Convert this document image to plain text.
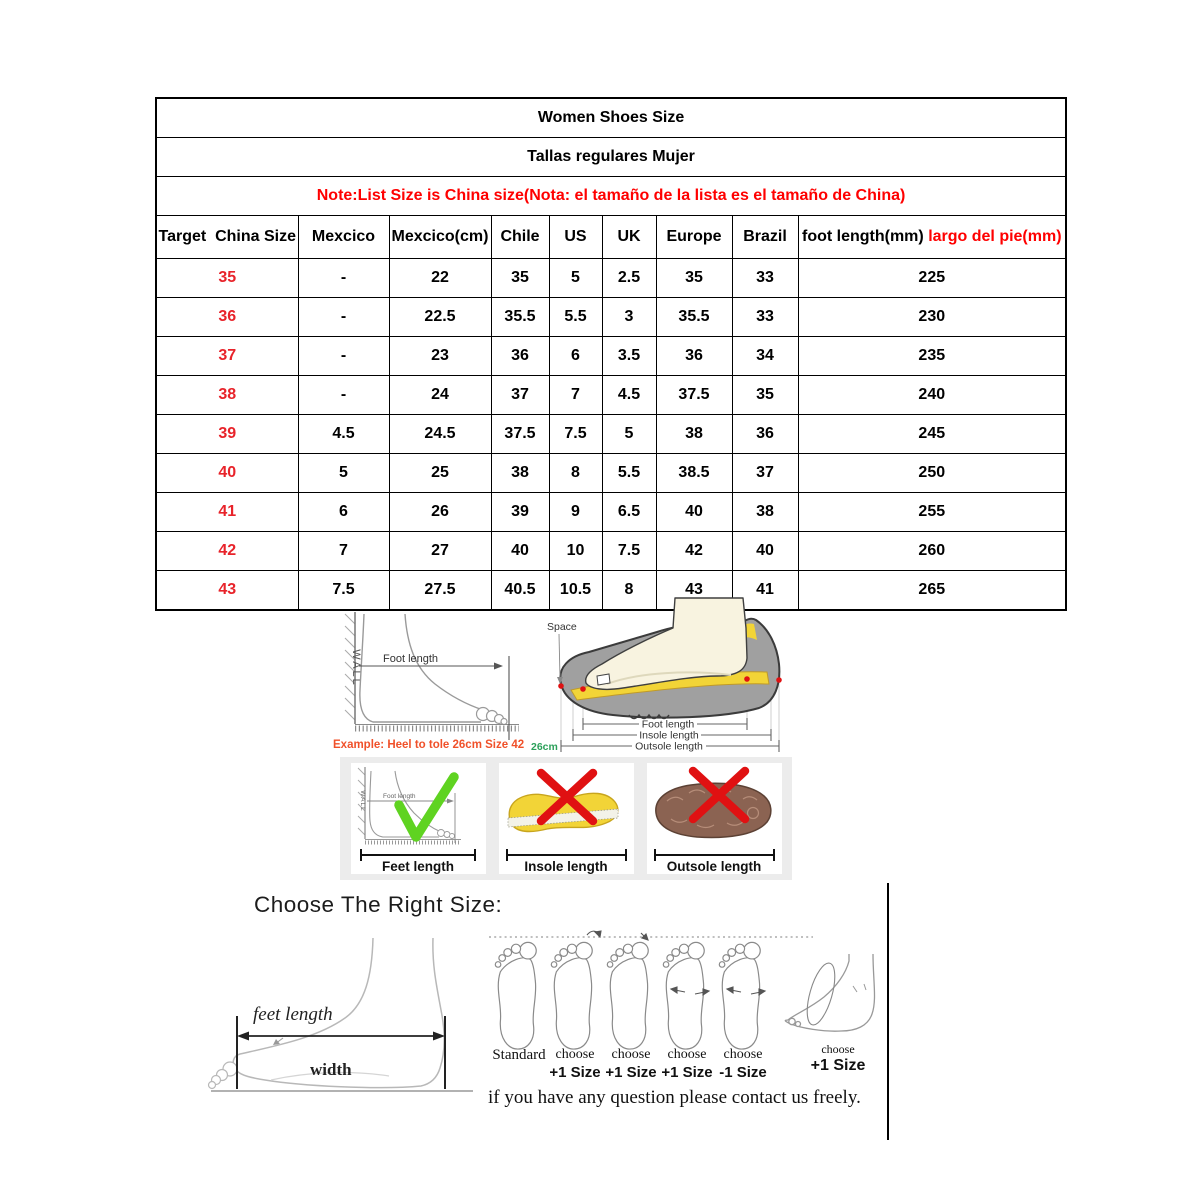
Women Shoes Size								
Tallas regulares Mujer								
Note:List Size is China size(Nota: el tamaño de la lista es el tamaño de China)								
Target  China Size	Mexcico	Mexcico(cm)	Chile	US	UK	Europe	Brazil	foot length(mm) largo del pie(mm)
35	-	22	35	5	2.5	35	33	225
36	-	22.5	35.5	5.5	3	35.5	33	230
37	-	23	36	6	3.5	36	34	235
38	-	24	37	7	4.5	37.5	35	240
39	4.5	24.5	37.5	7.5	5	38	36	245
40	5	25	38	8	5.5	38.5	37	250
41	6	26	39	9	6.5	40	38	255
42	7	27	40	10	7.5	42	40	260
43	7.5	27.5	40.5	10.5	8	43	41	265
WALL Foot length
Example: Heel to tole 26cm Size 42 26cm
Space
Foot length
Insole length
Outsole length
WALL	Foot length
Feet length	Insole length	Outsole length
Choose The Right Size:
feet length
width
Standard choose
+1 Size
choose
+1 Size
choose
+1 Size
choose
-1 Size
choose
+1 Size
if you have any question please contact us freely.
